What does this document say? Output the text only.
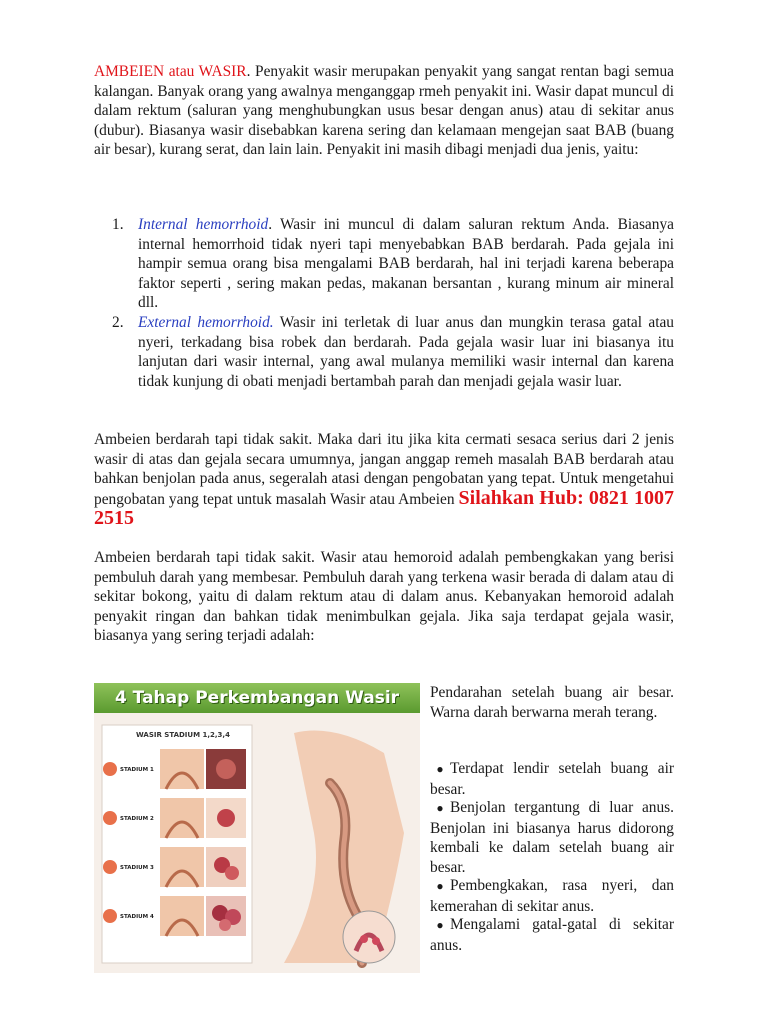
AMBEIEN atau WASIR. Penyakit wasir merupakan penyakit yang sangat rentan bagi semua kalangan. Banyak orang yang awalnya menganggap rmeh penyakit ini. Wasir dapat muncul di dalam rektum (saluran yang menghubungkan usus besar dengan anus) atau di sekitar anus (dubur). Biasanya wasir disebabkan karena sering dan kelamaan mengejan saat BAB (buang air besar), kurang serat, dan lain lain. Penyakit ini masih dibagi menjadi dua jenis, yaitu:

1. Internal hemorrhoid. Wasir ini muncul di dalam saluran rektum Anda. Biasanya internal hemorrhoid tidak nyeri tapi menyebabkan BAB berdarah. Pada gejala ini hampir semua orang bisa mengalami BAB berdarah, hal ini terjadi karena beberapa faktor seperti , sering makan pedas, makanan bersantan , kurang minum air mineral dll.
2. External hemorrhoid. Wasir ini terletak di luar anus dan mungkin terasa gatal atau nyeri, terkadang bisa robek dan berdarah. Pada gejala wasir luar ini biasanya itu lanjutan dari wasir internal, yang awal mulanya memiliki wasir internal dan karena tidak kunjung di obati menjadi bertambah parah dan menjadi gejala wasir luar.

Ambeien berdarah tapi tidak sakit. Maka dari itu jika kita cermati sesaca serius dari 2 jenis wasir di atas dan gejala secara umumnya, jangan anggap remeh masalah BAB berdarah atau bahkan benjolan pada anus, segeralah atasi dengan pengobatan yang tepat. Untuk mengetahui pengobatan yang tepat untuk masalah Wasir atau Ambeien Silahkan Hub: 0821 1007 2515

Ambeien berdarah tapi tidak sakit. Wasir atau hemoroid adalah pembengkakan yang berisi pembuluh darah yang membesar. Pembuluh darah yang terkena wasir berada di dalam atau di sekitar bokong, yaitu di dalam rektum atau di dalam anus. Kebanyakan hemoroid adalah penyakit ringan dan bahkan tidak menimbulkan gejala. Jika saja terdapat gejala wasir, biasanya yang sering terjadi adalah:

4 Tahap Perkembangan Wasir
WASIR STADIUM 1,2,3,4
STADIUM 1
STADIUM 2
STADIUM 3
STADIUM 4

Pendarahan setelah buang air besar. Warna darah berwarna merah terang.

● Terdapat lendir setelah buang air besar.

● Benjolan tergantung di luar anus. Benjolan ini biasanya harus didorong kembali ke dalam setelah buang air besar.

● Pembengkakan, rasa nyeri, dan kemerahan di sekitar anus.

● Mengalami gatal-gatal di sekitar anus.
